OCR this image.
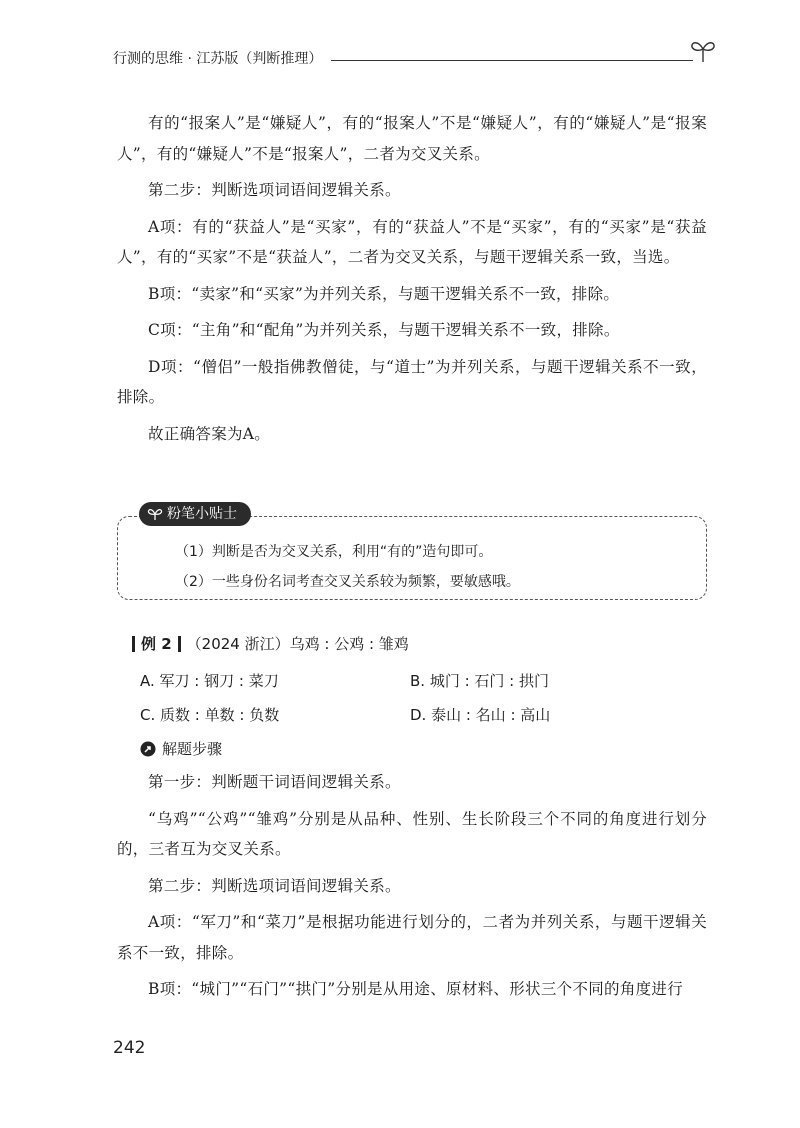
行测的思维 · 江苏版（判断推理）

有的“报案人”是“嫌疑人”，有的“报案人”不是“嫌疑人”，有的“嫌疑人”是“报案人”，有的“嫌疑人”不是“报案人”，二者为交叉关系。

第二步：判断选项词语间逻辑关系。

A项：有的“获益人”是“买家”，有的“获益人”不是“买家”，有的“买家”是“获益人”，有的“买家”不是“获益人”，二者为交叉关系，与题干逻辑关系一致，当选。

B项：“卖家”和“买家”为并列关系，与题干逻辑关系不一致，排除。

C项：“主角”和“配角”为并列关系，与题干逻辑关系不一致，排除。

D项：“僧侣”一般指佛教僧徒，与“道士”为并列关系，与题干逻辑关系不一致，排除。

故正确答案为A。

粉笔小贴士
（1）判断是否为交叉关系，利用“有的”造句即可。
（2）一些身份名词考查交叉关系较为频繁，要敏感哦。
例 2 （2024 浙江）乌鸡 : 公鸡 : 雏鸡
A. 军刀 : 钢刀 : 菜刀	B. 城门 : 石门 : 拱门
C. 质数 : 单数 : 负数	D. 泰山 : 名山 : 高山
解题步骤

第一步：判断题干词语间逻辑关系。

“乌鸡”“公鸡”“雏鸡”分别是从品种、性别、生长阶段三个不同的角度进行划分的，三者互为交叉关系。

第二步：判断选项词语间逻辑关系。

A项：“军刀”和“菜刀”是根据功能进行划分的，二者为并列关系，与题干逻辑关系不一致，排除。

B项：“城门”“石门”“拱门”分别是从用途、原材料、形状三个不同的角度进行

242
